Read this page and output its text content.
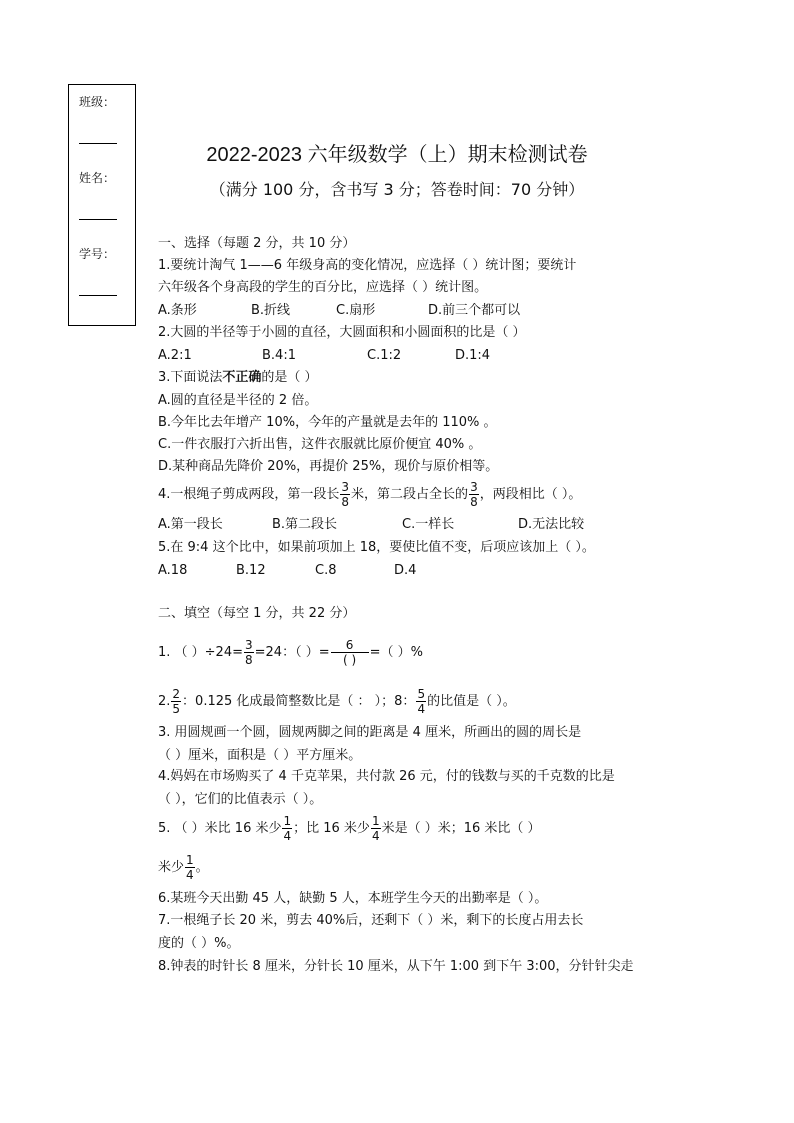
班级：
姓名：
学号：
2022-2023 六年级数学（上）期末检测试卷
（满分 100 分，含书写 3 分；答卷时间：70 分钟）
一、选择（每题 2 分，共 10 分）
1.要统计淘气 1——6 年级身高的变化情况，应选择（ ）统计图；要统计
六年级各个身高段的学生的百分比，应选择（ ）统计图。
A.条形	B.折线	C.扇形	D.前三个都可以
2.大圆的半径等于小圆的直径，大圆面积和小圆面积的比是（ ）
A.2:1	B.4:1	C.1:2	D.1:4
3.下面说法不正确的是（ ）
A.圆的直径是半径的 2 倍。
B.今年比去年增产 10%，今年的产量就是去年的 110% 。
C.一件衣服打六折出售，这件衣服就比原价便宜 40% 。
D.某种商品先降价 20%，再提价 25%，现价与原价相等。
4.一根绳子剪成两段，第一段长 $\frac{3}{8}$ 米，第二段占全长的 $\frac{3}{8}$ ，两段相比（ ）。
A.第一段长	B.第二段长	C.一样长	D.无法比较
5.在 9:4 这个比中，如果前项加上 18，要使比值不变，后项应该加上（ ）。
A.18	B.12	C.8	D.4
二、填空（每空 1 分，共 22 分）
1. （ ）$\div 24= \frac{3}{8} =24$：（ ）= $\frac{6}{( )}$ =（ ）%
2. $\frac{2}{5}$ ：0.125 化成最简整数比是（ ： ）；8： $\frac{5}{4}$ 的比值是（ ）。
3. 用圆规画一个圆，圆规两脚之间的距离是 4 厘米，所画出的圆的周长是
（ ）厘米，面积是（ ）平方厘米。
4.妈妈在市场购买了 4 千克苹果，共付款 26 元，付的钱数与买的千克数的比是
（ ），它们的比值表示（ ）。
5. （ ）米比 16 米少 $\frac{1}{4}$ ；比 16 米少 $\frac{1}{4}$ 米是（ ）米；16 米比（ ）
米少 $\frac{1}{4}$ 。
6.某班今天出勤 45 人，缺勤 5 人，本班学生今天的出勤率是（ ）。
7.一根绳子长 20 米，剪去 40%后，还剩下（ ）米，剩下的长度占用去长
度的（ ）%。
8.钟表的时针长 8 厘米，分针长 10 厘米，从下午 1:00 到下午 3:00，分针针尖走
